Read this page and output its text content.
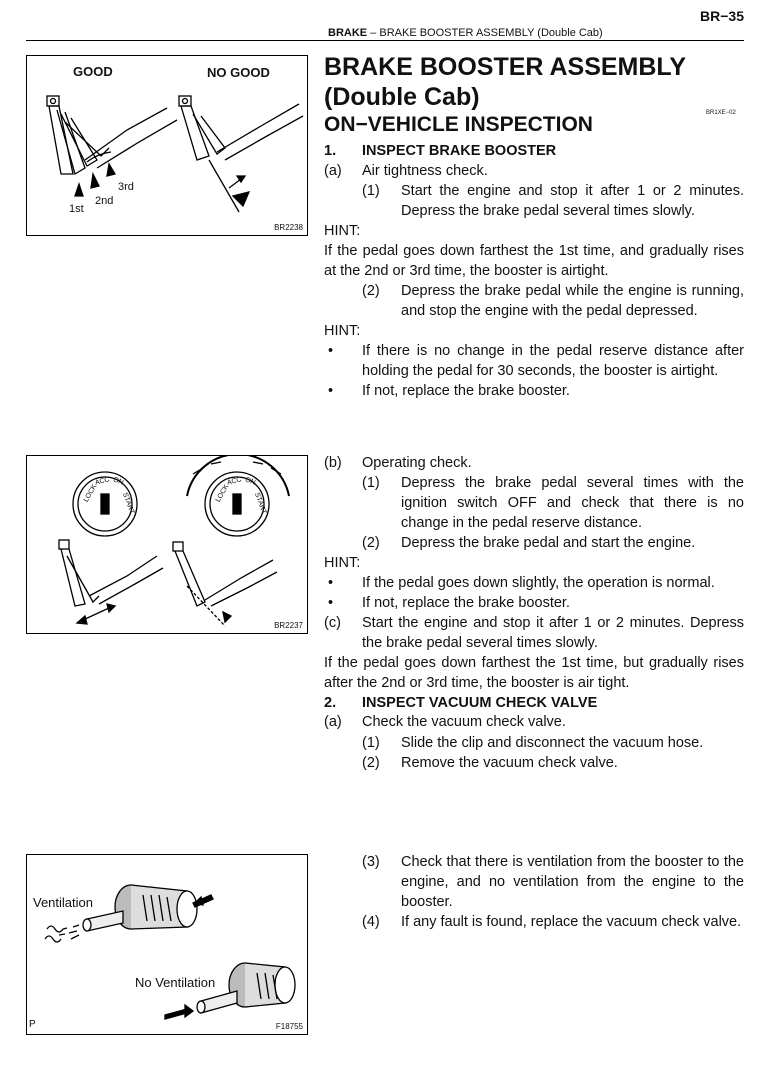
BR−35
BRAKE – BRAKE BOOSTER ASSEMBLY (Double Cab)
GOOD	NO GOOD
1st
2nd
3rd
BR2238
BRAKE BOOSTER ASSEMBLY
(Double Cab)
BR1XE−02
ON−VEHICLE INSPECTION
1. INSPECT BRAKE BOOSTER
(a) Air tightness check.
(1) Start the engine and stop it after 1 or 2 minutes. Depress the brake pedal several times slowly.
HINT:
If the pedal goes down farthest the 1st time, and gradually rises at the 2nd or 3rd time, the booster is airtight.
(2) Depress the brake pedal while the engine is running, and stop the engine with the pedal depressed.
HINT:
• If there is no change in the pedal reserve distance after holding the pedal for 30 seconds, the booster is airtight.
• If not, replace the brake booster.
LOCK
ACC ON
START	LOCK
ACC ON
START
BR2237
(b) Operating check.
(1) Depress the brake pedal several times with the ignition switch OFF and check that there is no change in the pedal reserve distance.
(2) Depress the brake pedal and start the engine.
HINT:
• If the pedal goes down slightly, the operation is normal.
• If not, replace the brake booster.
(c) Start the engine and stop it after 1 or 2 minutes. Depress the brake pedal several times slowly.
If the pedal goes down farthest the 1st time, but gradually rises after the 2nd or 3rd time, the booster is air tight.
2. INSPECT VACUUM CHECK VALVE
(a) Check the vacuum check valve.
(1) Slide the clip and disconnect the vacuum hose.
(2) Remove the vacuum check valve.
Ventilation
No Ventilation
P	F18755
(3) Check that there is ventilation from the booster to the engine, and no ventilation from the engine to the booster.
(4) If any fault is found, replace the vacuum check valve.
